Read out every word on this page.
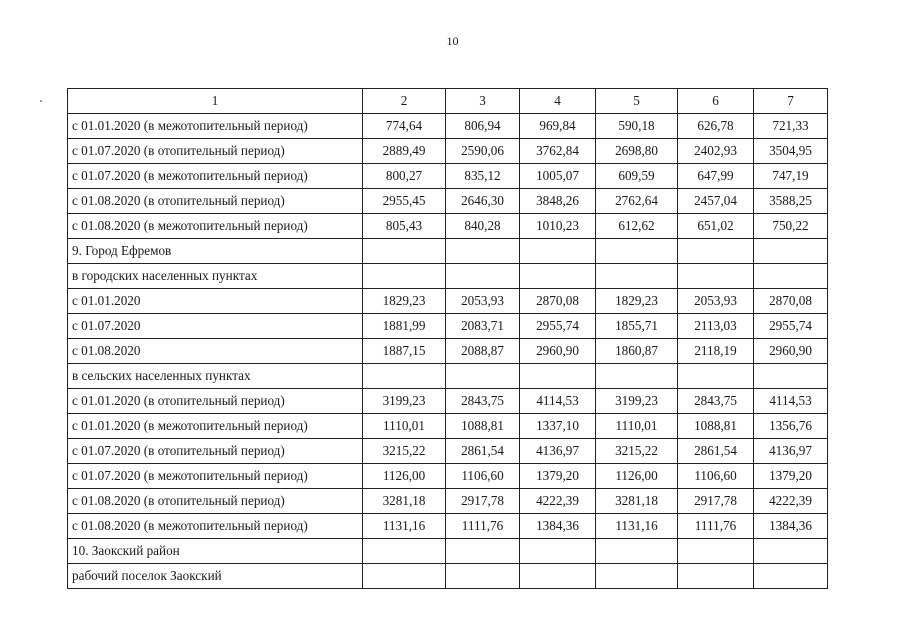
10
1	2	3	4	5	6	7
с 01.01.2020 (в межотопительный период)	774,64	806,94	969,84	590,18	626,78	721,33
с 01.07.2020 (в отопительный период)	2889,49	2590,06	3762,84	2698,80	2402,93	3504,95
с 01.07.2020 (в межотопительный период)	800,27	835,12	1005,07	609,59	647,99	747,19
с 01.08.2020 (в отопительный период)	2955,45	2646,30	3848,26	2762,64	2457,04	3588,25
с 01.08.2020 (в межотопительный период)	805,43	840,28	1010,23	612,62	651,02	750,22
9. Город Ефремов						
в городских населенных пунктах						
с 01.01.2020	1829,23	2053,93	2870,08	1829,23	2053,93	2870,08
с 01.07.2020	1881,99	2083,71	2955,74	1855,71	2113,03	2955,74
с 01.08.2020	1887,15	2088,87	2960,90	1860,87	2118,19	2960,90
в сельских населенных пунктах						
с 01.01.2020 (в отопительный период)	3199,23	2843,75	4114,53	3199,23	2843,75	4114,53
с 01.01.2020 (в межотопительный период)	1110,01	1088,81	1337,10	1110,01	1088,81	1356,76
с 01.07.2020 (в отопительный период)	3215,22	2861,54	4136,97	3215,22	2861,54	4136,97
с 01.07.2020 (в межотопительный период)	1126,00	1106,60	1379,20	1126,00	1106,60	1379,20
с 01.08.2020 (в отопительный период)	3281,18	2917,78	4222,39	3281,18	2917,78	4222,39
с 01.08.2020 (в межотопительный период)	1131,16	1111,76	1384,36	1131,16	1111,76	1384,36
10. Заокский район						
рабочий поселок Заокский						
